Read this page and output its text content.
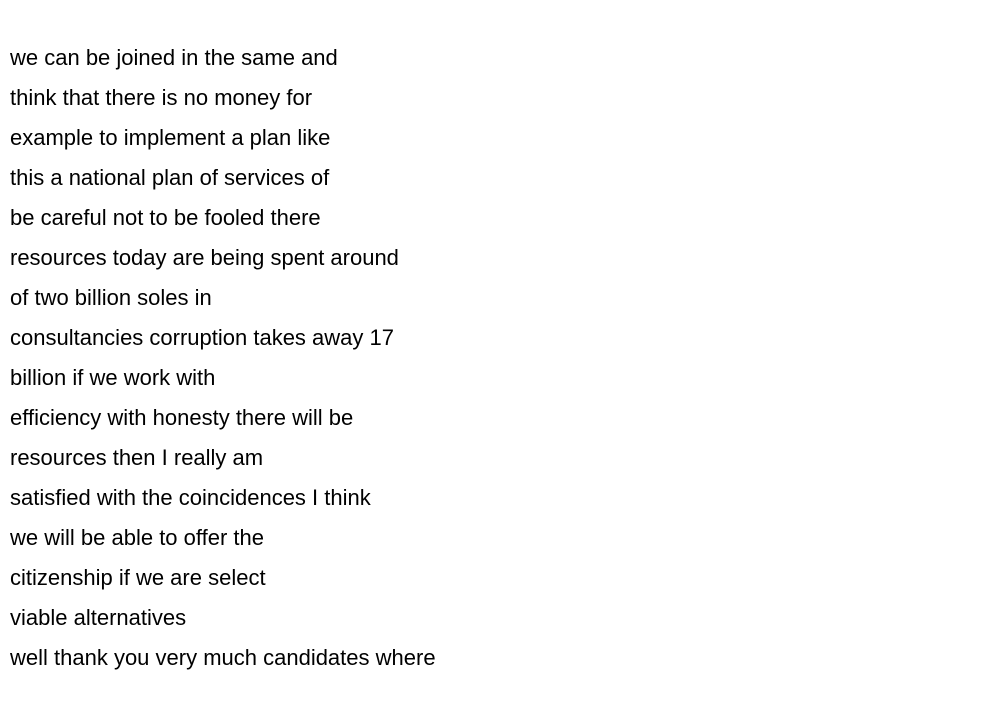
we can be joined in the same and
think that there is no money for
example to implement a plan like
this a national plan of services of
be careful not to be fooled there
resources today are being spent around
of two billion soles in
consultancies corruption takes away 17
billion if we work with
efficiency with honesty there will be
resources then I really am
satisfied with the coincidences I think
we will be able to offer the
citizenship if we are select
viable alternatives
well thank you very much candidates where
